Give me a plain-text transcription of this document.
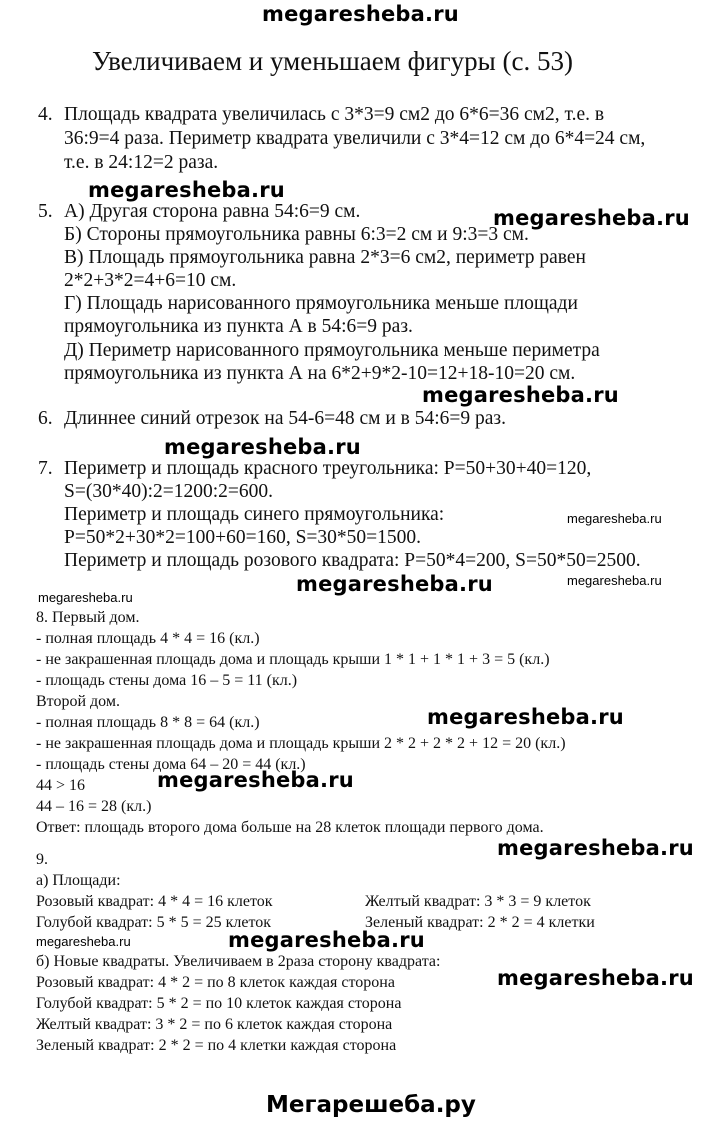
megaresheba.ru
Увеличиваем и уменьшаем фигуры (с. 53)
4. Площадь квадрата увеличилась с 3*3=9 см2 до 6*6=36 см2, т.е. в
36:9=4 раза. Периметр квадрата увеличили с 3*4=12 см до 6*4=24 см,
т.е. в 24:12=2 раза.
megaresheba.ru
5. А) Другая сторона равна 54:6=9 см.
Б) Стороны прямоугольника равны 6:3=2 см и 9:3=3 см.
В) Площадь прямоугольника равна 2*3=6 см2, периметр равен
2*2+3*2=4+6=10 см.
Г) Площадь нарисованного прямоугольника меньше площади
прямоугольника из пункта А в 54:6=9 раз.
Д) Периметр нарисованного прямоугольника меньше периметра
прямоугольника из пункта А на 6*2+9*2-10=12+18-10=20 см.
megaresheba.ru
megaresheba.ru
6. Длиннее синий отрезок на 54-6=48 см и в 54:6=9 раз.
megaresheba.ru
7. Периметр и площадь красного треугольника: P=50+30+40=120,
S=(30*40):2=1200:2=600.
Периметр и площадь синего прямоугольника:
P=50*2+30*2=100+60=160, S=30*50=1500.
Периметр и площадь розового квадрата: P=50*4=200, S=50*50=2500.
megaresheba.ru
megaresheba.ru	megaresheba.ru
megaresheba.ru
8. Первый дом.
- полная площадь 4 * 4 = 16 (кл.)
- не закрашенная площадь дома и площадь крыши 1 * 1 + 1 * 1 + 3 = 5 (кл.)
- площадь стены дома 16 – 5 = 11 (кл.)
Второй дом.
- полная площадь 8 * 8 = 64 (кл.)
- не закрашенная площадь дома и площадь крыши 2 * 2 + 2 * 2 + 12 = 20 (кл.)
- площадь стены дома 64 – 20 = 44 (кл.)
44 > 16
44 – 16 = 28 (кл.)
Ответ: площадь второго дома больше на 28 клеток площади первого дома.
megaresheba.ru
megaresheba.ru
megaresheba.ru
9.
а) Площади:
Розовый квадрат: 4 * 4 = 16 клеток	Желтый квадрат: 3 * 3 = 9 клеток
Голубой квадрат: 5 * 5 = 25 клеток	Зеленый квадрат: 2 * 2 = 4 клетки
б) Новые квадраты. Увеличиваем в 2раза сторону квадрата:
Розовый квадрат: 4 * 2 = по 8 клеток каждая сторона
Голубой квадрат: 5 * 2 = по 10 клеток каждая сторона
Желтый квадрат: 3 * 2 = по 6 клеток каждая сторона
Зеленый квадрат: 2 * 2 = по 4 клетки каждая сторона
megaresheba.ru	megaresheba.ru
megaresheba.ru
Мегарешеба.ру
